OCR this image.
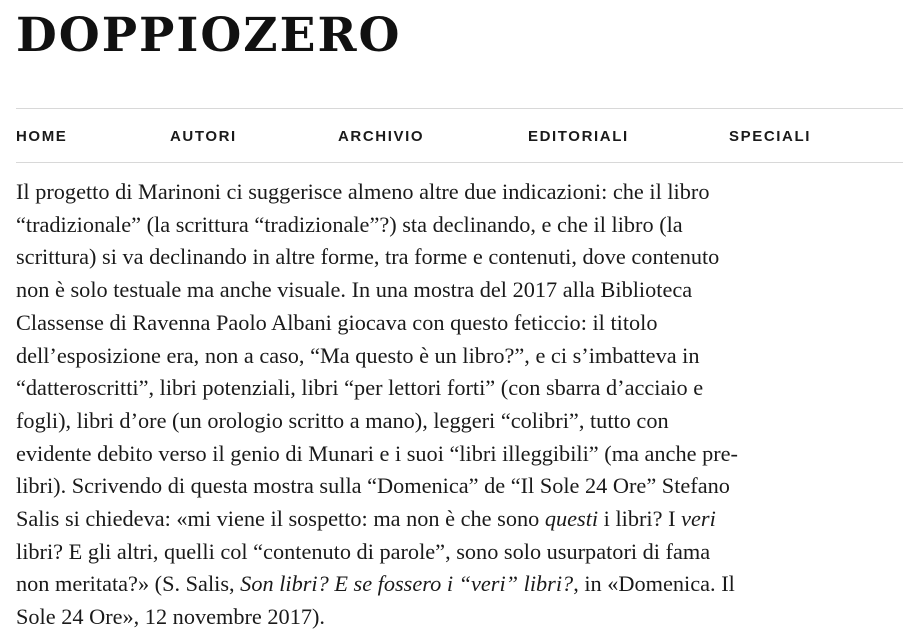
DOPPIOZERO
HOME	AUTORI	ARCHIVIO	EDITORIALI	SPECIALI
Il progetto di Marinoni ci suggerisce almeno altre due indicazioni: che il libro
“tradizionale” (la scrittura “tradizionale”?) sta declinando, e che il libro (la
scrittura) si va declinando in altre forme, tra forme e contenuti, dove contenuto
non è solo testuale ma anche visuale. In una mostra del 2017 alla Biblioteca
Classense di Ravenna Paolo Albani giocava con questo feticcio: il titolo
dell’esposizione era, non a caso, “Ma questo è un libro?”, e ci s’imbatteva in
“datteroscritti”, libri potenziali, libri “per lettori forti” (con sbarra d’acciaio e
fogli), libri d’ore (un orologio scritto a mano), leggeri “colibri”, tutto con
evidente debito verso il genio di Munari e i suoi “libri illeggibili” (ma anche pre-
libri). Scrivendo di questa mostra sulla “Domenica” de “Il Sole 24 Ore” Stefano
Salis si chiedeva: «mi viene il sospetto: ma non è che sono questi i libri? I veri
libri? E gli altri, quelli col “contenuto di parole”, sono solo usurpatori di fama
non meritata?» (S. Salis, Son libri? E se fossero i “veri” libri?, in «Domenica. Il
Sole 24 Ore», 12 novembre 2017).
